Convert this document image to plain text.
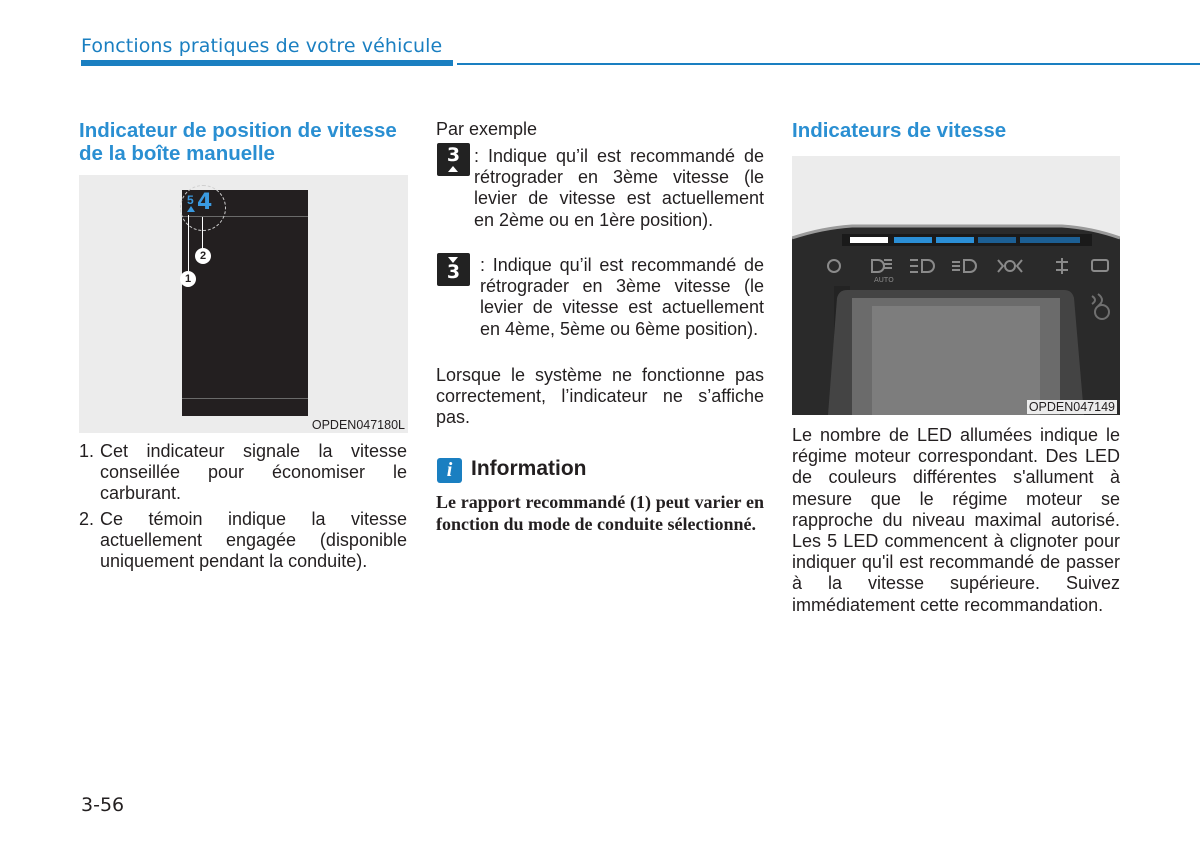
Fonctions pratiques de votre véhicule
Indicateur de position de vitesse de la boîte manuelle
5 4
1
2
OPDEN047180L
1. Cet indicateur signale la vitesse conseillée pour économiser le carburant.
2. Ce témoin indique la vitesse actuellement engagée (disponible uniquement pendant la conduite).
Par exemple
3 : Indique qu’il est recommandé de rétrograder en 3ème vitesse (le levier de vitesse est actuellement en 2ème ou en 1ère position).
3	: Indique qu’il est recommandé de rétrograder en 3ème vitesse (le levier de vitesse est actuellement en 4ème, 5ème ou 6ème position).
Lorsque le système ne fonctionne pas correctement, l’indicateur ne s’affiche pas.
i Information
Le rapport recommandé (1) peut varier en fonction du mode de conduite sélectionné.
Indicateurs de vitesse
AUTO
OPDEN047149
Le nombre de LED allumées indique le régime moteur correspondant. Des LED de couleurs différentes s'allument à mesure que le régime moteur se rapproche du niveau maximal autorisé. Les 5 LED commencent à clignoter pour indiquer qu'il est recommandé de passer à la vitesse supérieure. Suivez immédiatement cette recommandation.
3-56
